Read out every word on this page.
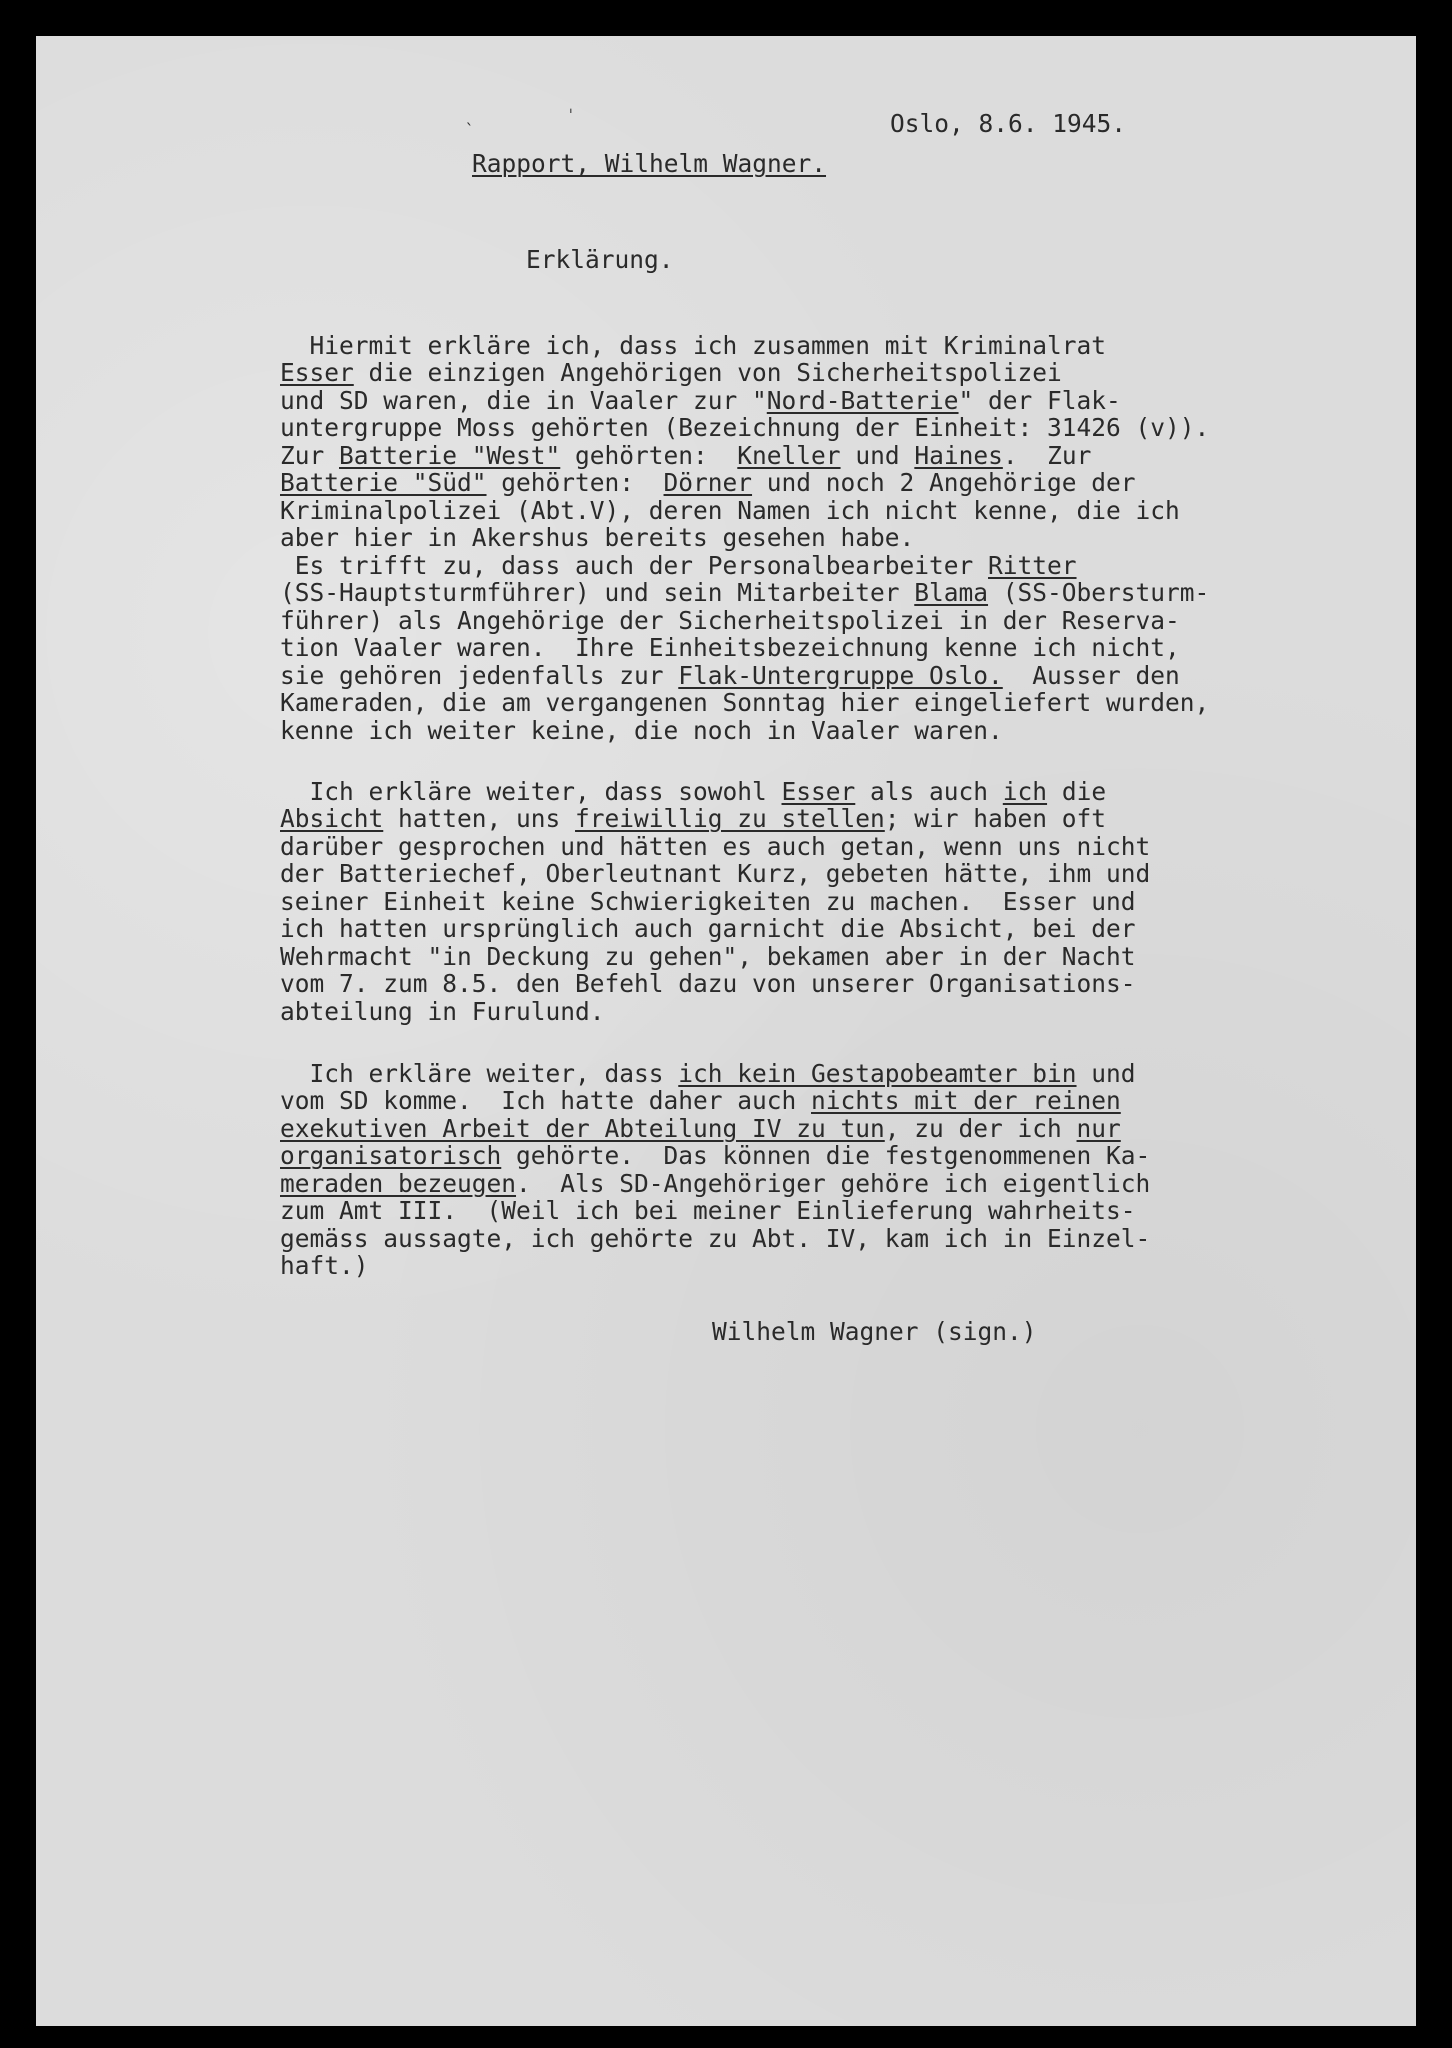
ˎ	ˈ	Oslo, 8.6. 1945.
Rapport, Wilhelm Wagner.
Erklärung.

Hiermit erkläre ich, dass ich zusammen mit Kriminalrat
Esser die einzigen Angehörigen von Sicherheitspolizei
und SD waren, die in Vaaler zur "Nord-Batterie" der Flak-
untergruppe Moss gehörten (Bezeichnung der Einheit: 31426 (v)).
Zur Batterie "West" gehörten:  Kneller und Haines.  Zur
Batterie "Süd" gehörten:  Dörner und noch 2 Angehörige der
Kriminalpolizei (Abt.V), deren Namen ich nicht kenne, die ich
aber hier in Akershus bereits gesehen habe.
Es trifft zu, dass auch der Personalbearbeiter Ritter
(SS-Hauptsturmführer) und sein Mitarbeiter Blama (SS-Obersturm-
führer) als Angehörige der Sicherheitspolizei in der Reserva-
tion Vaaler waren.  Ihre Einheitsbezeichnung kenne ich nicht,
sie gehören jedenfalls zur Flak-Untergruppe Oslo.  Ausser den
Kameraden, die am vergangenen Sonntag hier eingeliefert wurden,
kenne ich weiter keine, die noch in Vaaler waren.

Ich erkläre weiter, dass sowohl Esser als auch ich die
Absicht hatten, uns freiwillig zu stellen; wir haben oft
darüber gesprochen und hätten es auch getan, wenn uns nicht
der Batteriechef, Oberleutnant Kurz, gebeten hätte, ihm und
seiner Einheit keine Schwierigkeiten zu machen.  Esser und
ich hatten ursprünglich auch garnicht die Absicht, bei der
Wehrmacht "in Deckung zu gehen", bekamen aber in der Nacht
vom 7. zum 8.5. den Befehl dazu von unserer Organisations-
abteilung in Furulund.

Ich erkläre weiter, dass ich kein Gestapobeamter bin und
vom SD komme.  Ich hatte daher auch nichts mit der reinen
exekutiven Arbeit der Abteilung IV zu tun, zu der ich nur
organisatorisch gehörte.  Das können die festgenommenen Ka-
meraden bezeugen.  Als SD-Angehöriger gehöre ich eigentlich
zum Amt III.  (Weil ich bei meiner Einlieferung wahrheits-
gemäss aussagte, ich gehörte zu Abt. IV, kam ich in Einzel-
haft.)
Wilhelm Wagner (sign.)
